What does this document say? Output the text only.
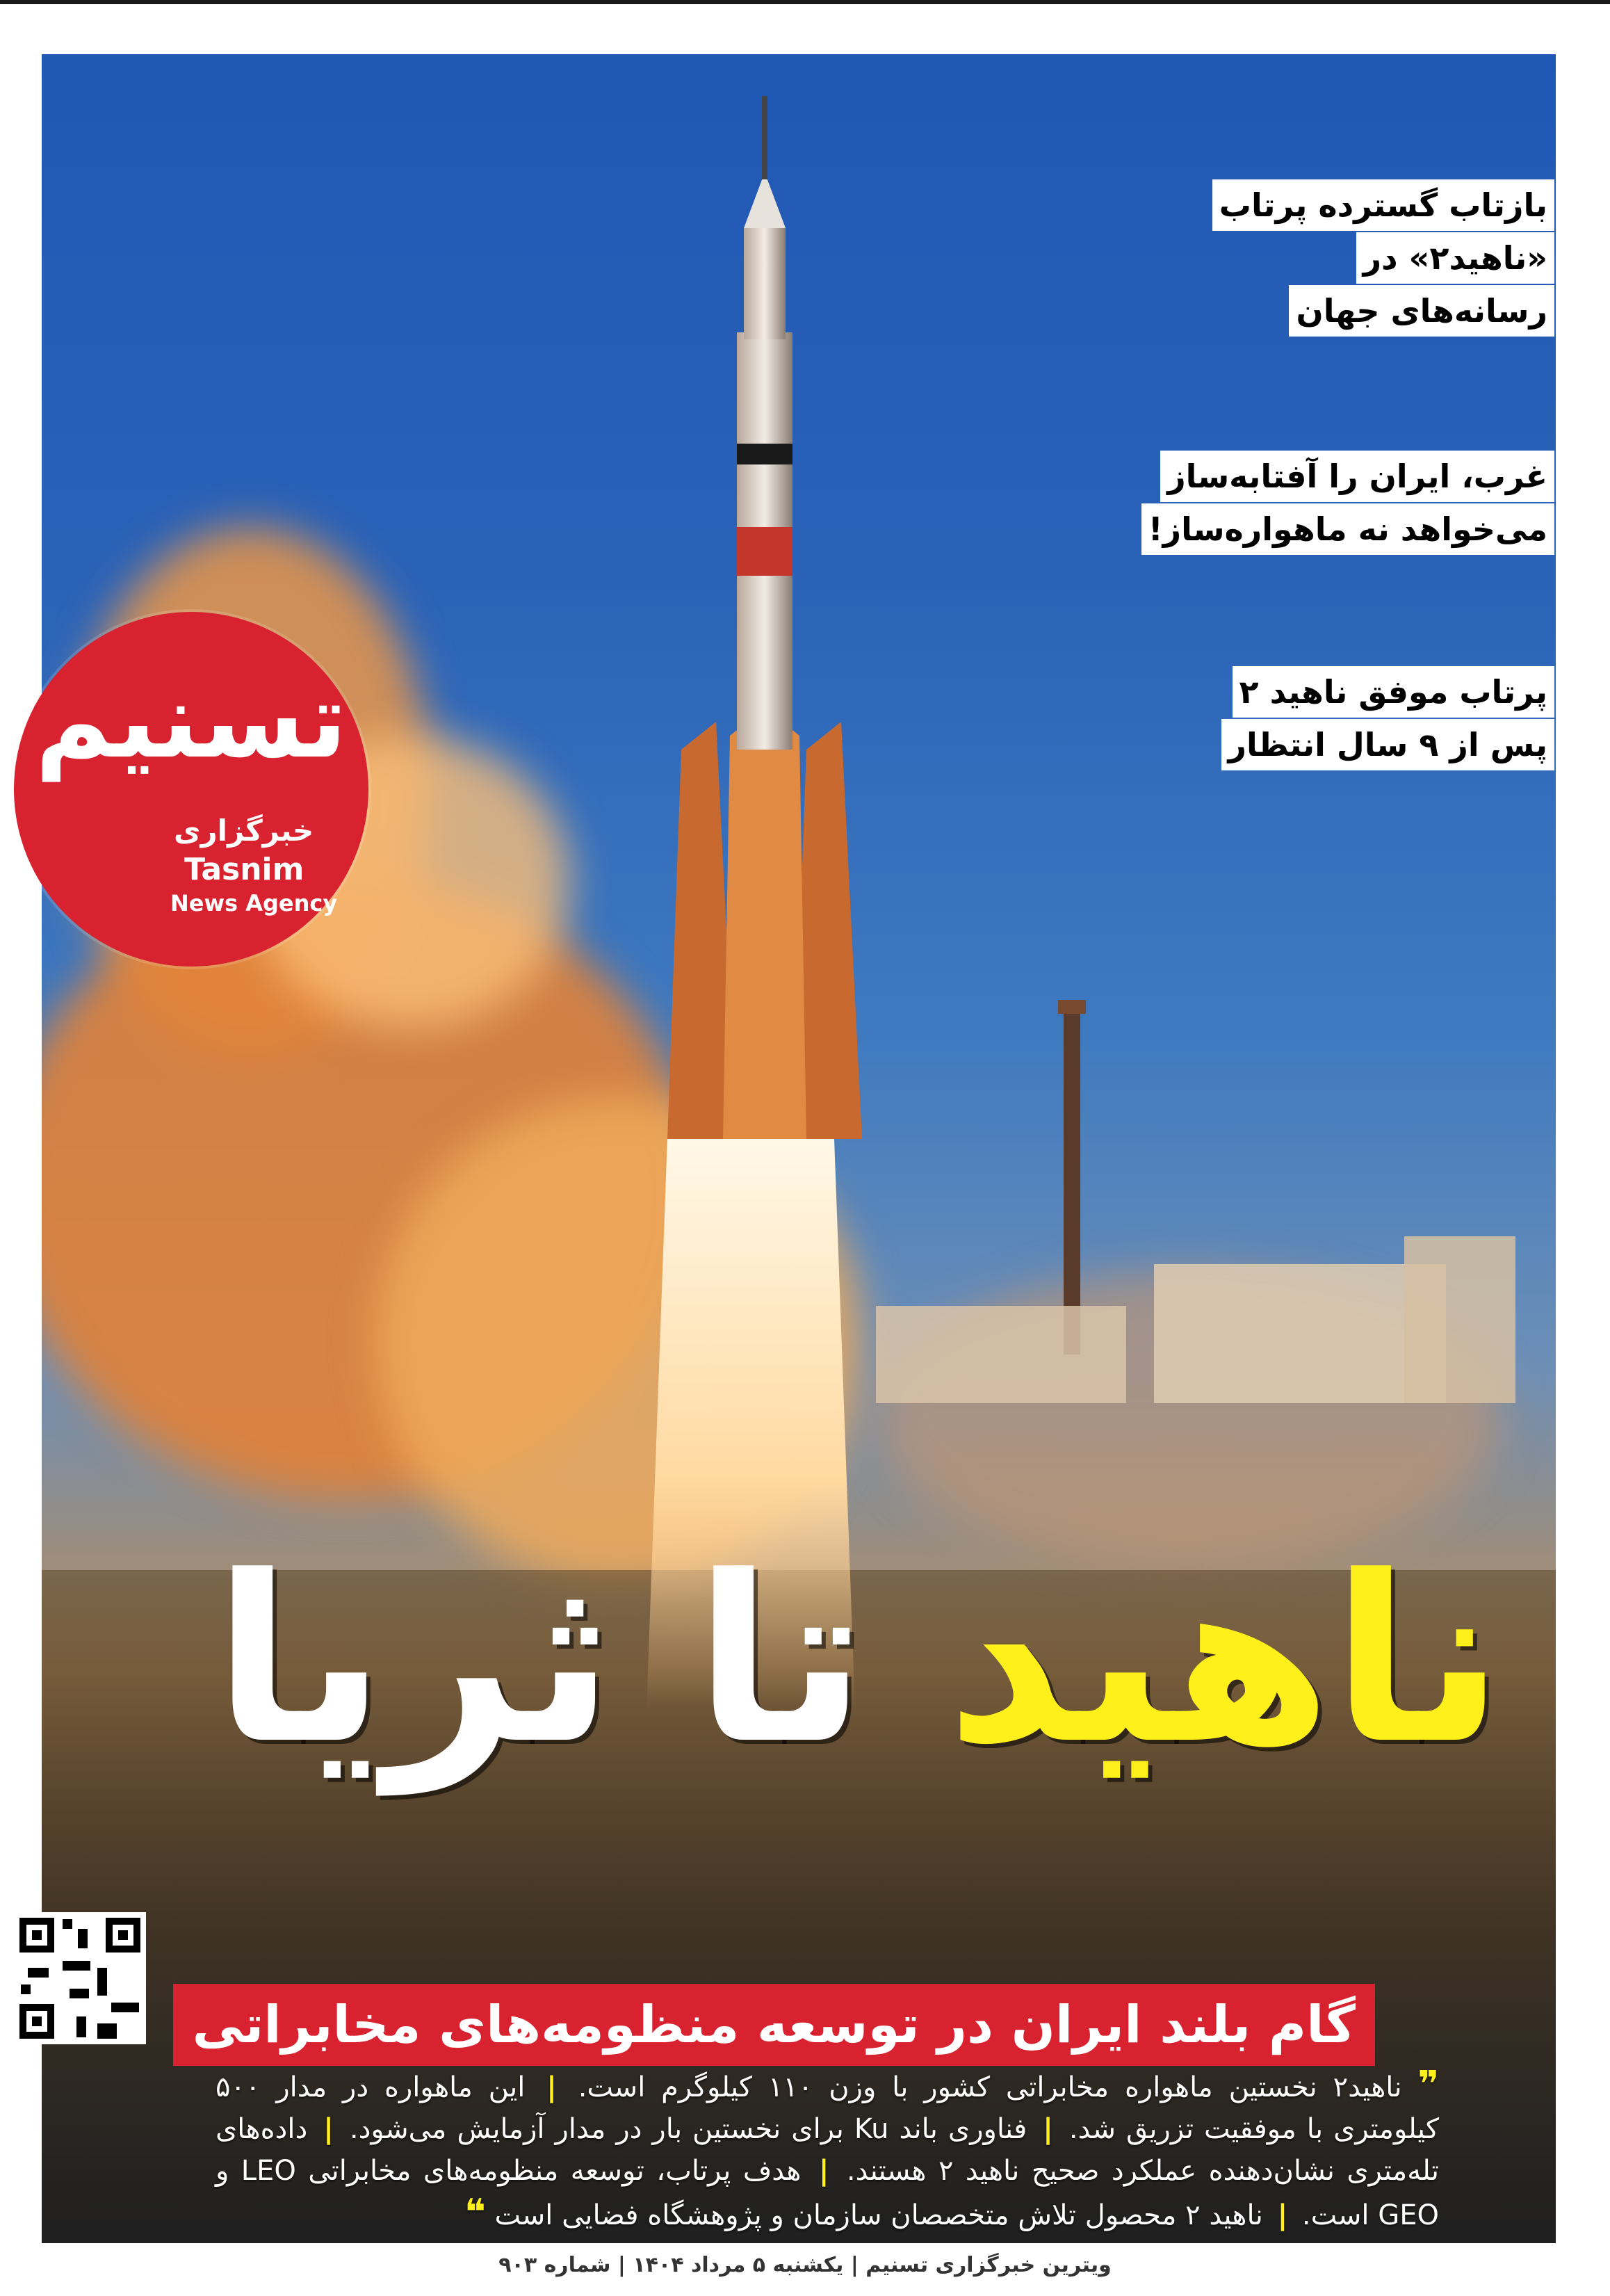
بازتاب گسترده پرتاب
«ناهید۲» در
رسانه‌های جهان
غرب، ایران را آفتابه‌ساز
می‌خواهد نه ماهواره‌ساز!
پرتاب موفق ناهید ۲
پس از ۹ سال انتظار
ناهید تا ثریا
گام بلند ایران در توسعه منظومه‌های مخابراتی
❞ ناهید۲ نخستین ماهواره مخابراتی کشور با وزن ۱۱۰ کیلوگرم است. | این ماهواره در مدار ۵۰۰ کیلومتری با موفقیت تزریق شد. | فناوری باند Ku برای نخستین بار در مدار آزمایش می‌شود. | داده‌های تله‌متری نشان‌دهنده عملکرد صحیح ناهید ۲ هستند. | هدف پرتاب، توسعه منظومه‌های مخابراتی LEO و GEO است. | ناهید ۲ محصول تلاش متخصصان سازمان و پژوهشگاه فضایی است ❝
تسنیم
خبرگزاری
Tasnim
News Agency
ویترین خبرگزاری تسنیم | یکشنبه ۵ مرداد ۱۴۰۴ | شماره ۹۰۳
